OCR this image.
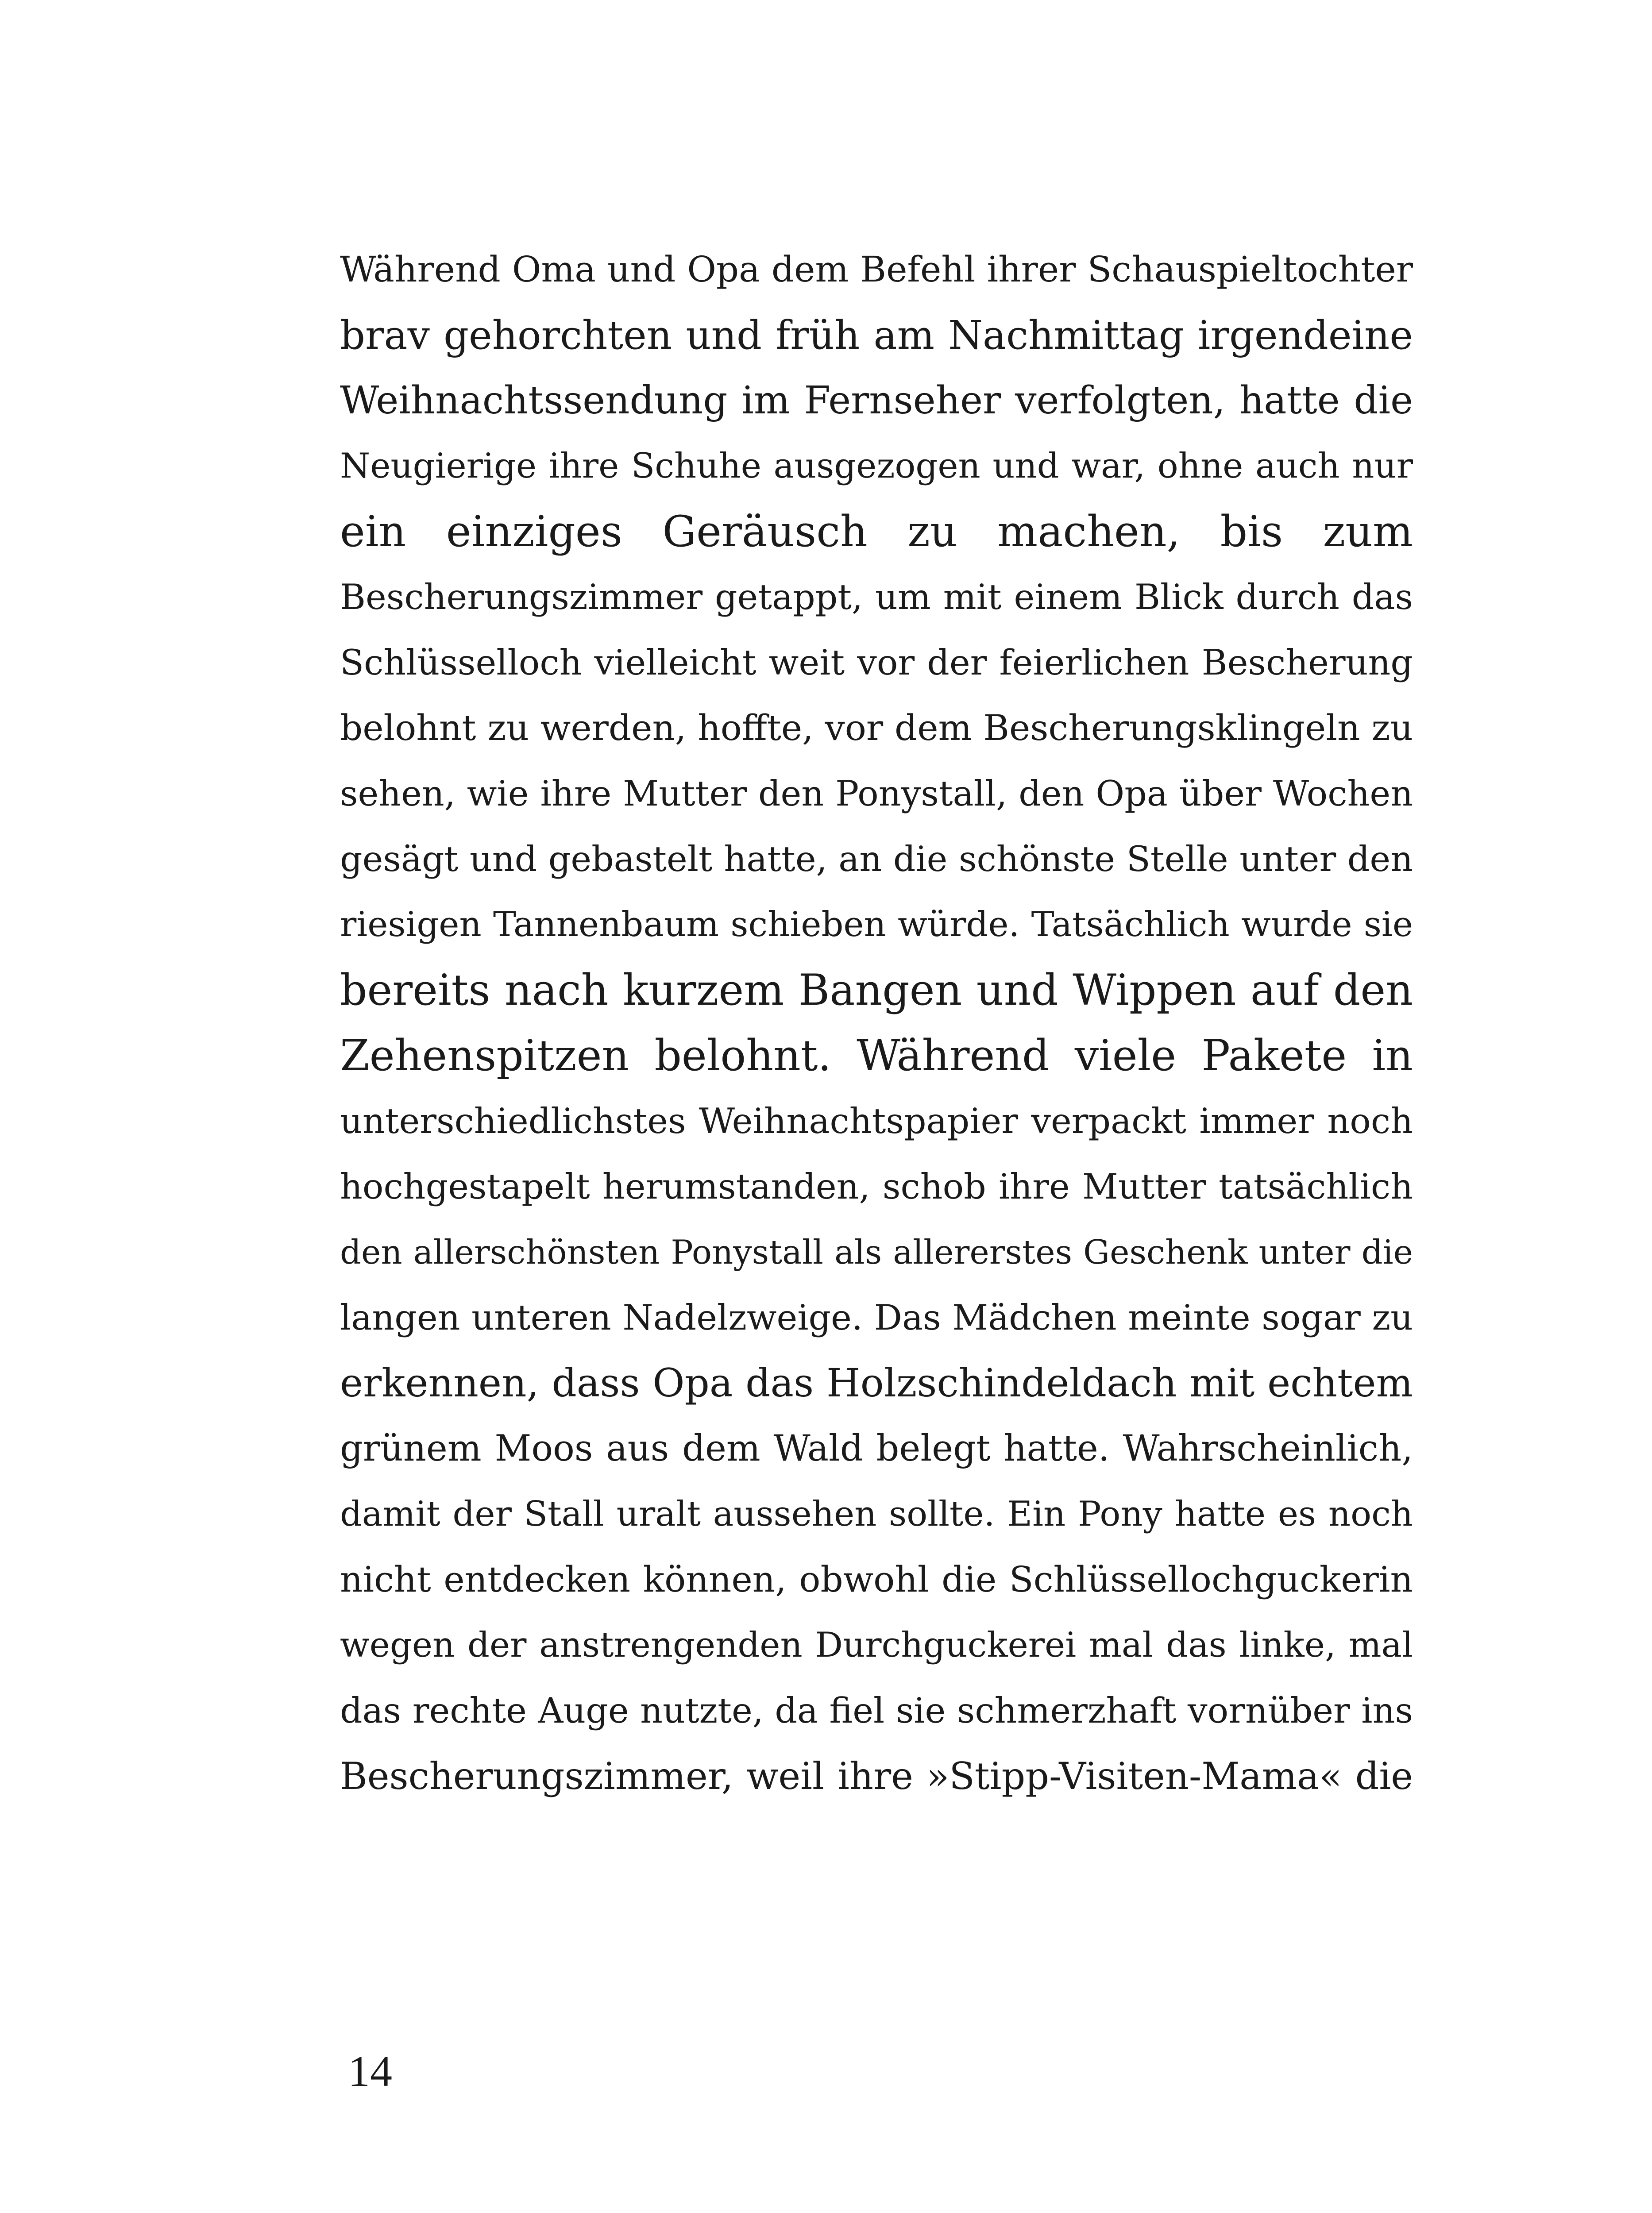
Während Oma und Opa dem Befehl ihrer Schauspieltochter
brav gehorchten und früh am Nachmittag irgendeine
Weihnachtssendung im Fernseher verfolgten, hatte die
Neugierige ihre Schuhe ausgezogen und war, ohne auch nur
ein einziges Geräusch zu machen, bis zum
Bescherungszimmer getappt, um mit einem Blick durch das
Schlüsselloch vielleicht weit vor der feierlichen Bescherung
belohnt zu werden, hoffte, vor dem Bescherungsklingeln zu
sehen, wie ihre Mutter den Ponystall, den Opa über Wochen
gesägt und gebastelt hatte, an die schönste Stelle unter den
riesigen Tannenbaum schieben würde. Tatsächlich wurde sie
bereits nach kurzem Bangen und Wippen auf den
Zehenspitzen belohnt. Während viele Pakete in
unterschiedlichstes Weihnachtspapier verpackt immer noch
hochgestapelt herumstanden, schob ihre Mutter tatsächlich
den allerschönsten Ponystall als allererstes Geschenk unter die
langen unteren Nadelzweige. Das Mädchen meinte sogar zu
erkennen, dass Opa das Holzschindeldach mit echtem
grünem Moos aus dem Wald belegt hatte. Wahrscheinlich,
damit der Stall uralt aussehen sollte. Ein Pony hatte es noch
nicht entdecken können, obwohl die Schlüssellochguckerin
wegen der anstrengenden Durchguckerei mal das linke, mal
das rechte Auge nutzte, da fiel sie schmerzhaft vornüber ins
Bescherungszimmer, weil ihre »Stipp-Visiten-Mama« die
14
